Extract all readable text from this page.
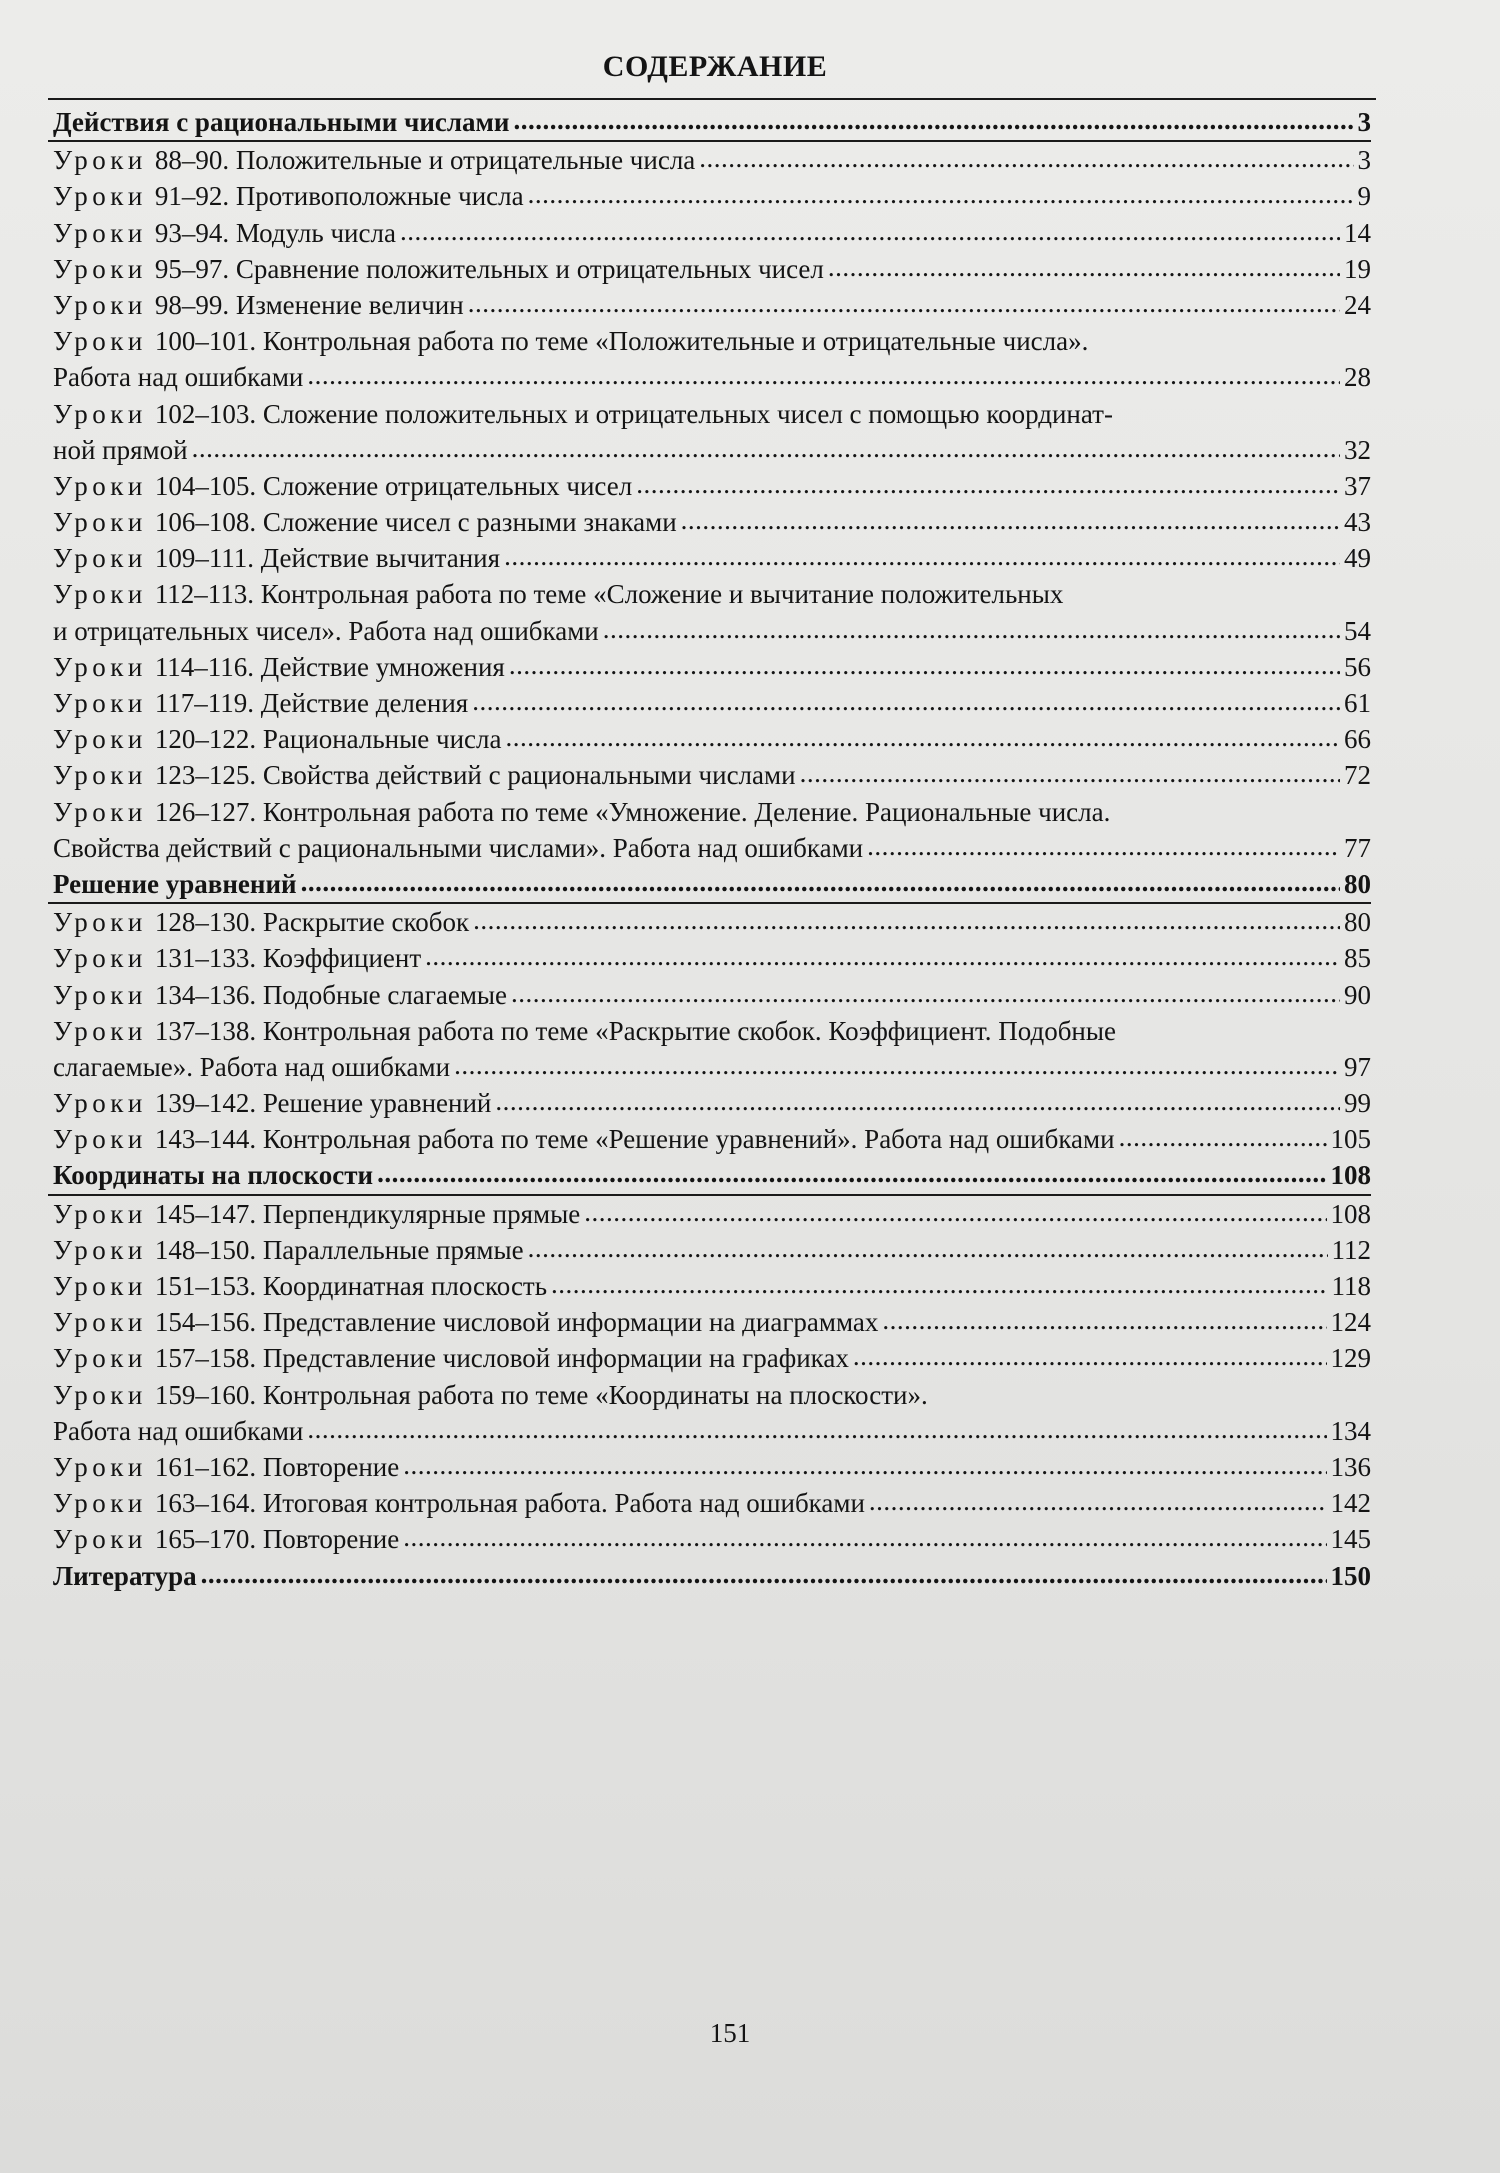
СОДЕРЖАНИЕ
Действия с рациональными числами .....	3
Уроки 88–90. Положительные и отрицательные числа .....	3
Уроки 91–92. Противоположные числа .....	9
Уроки 93–94. Модуль числа .....	14
Уроки 95–97. Сравнение положительных и отрицательных чисел .....	19
Уроки 98–99. Изменение величин .....	24
Уроки 100–101. Контрольная работа по теме «Положительные и отрицательные числа».
Работа над ошибками .....	28
Уроки 102–103. Сложение положительных и отрицательных чисел с помощью координат-
ной прямой .....	32
Уроки 104–105. Сложение отрицательных чисел .....	37
Уроки 106–108. Сложение чисел с разными знаками .....	43
Уроки 109–111. Действие вычитания .....	49
Уроки 112–113. Контрольная работа по теме «Сложение и вычитание положительных
и отрицательных чисел». Работа над ошибками .....	54
Уроки 114–116. Действие умножения .....	56
Уроки 117–119. Действие деления .....	61
Уроки 120–122. Рациональные числа .....	66
Уроки 123–125. Свойства действий с рациональными числами .....	72
Уроки 126–127. Контрольная работа по теме «Умножение. Деление. Рациональные числа.
Свойства действий с рациональными числами». Работа над ошибками .....	77
Решение уравнений .....	80
Уроки 128–130. Раскрытие скобок .....	80
Уроки 131–133. Коэффициент .....	85
Уроки 134–136. Подобные слагаемые .....	90
Уроки 137–138. Контрольная работа по теме «Раскрытие скобок. Коэффициент. Подобные
слагаемые». Работа над ошибками .....	97
Уроки 139–142. Решение уравнений .....	99
Уроки 143–144. Контрольная работа по теме «Решение уравнений». Работа над ошибками .....	105
Координаты на плоскости .....	108
Уроки 145–147. Перпендикулярные прямые .....	108
Уроки 148–150. Параллельные прямые .....	112
Уроки 151–153. Координатная плоскость .....	118
Уроки 154–156. Представление числовой информации на диаграммах .....	124
Уроки 157–158. Представление числовой информации на графиках .....	129
Уроки 159–160. Контрольная работа по теме «Координаты на плоскости».
Работа над ошибками .....	134
Уроки 161–162. Повторение .....	136
Уроки 163–164. Итоговая контрольная работа. Работа над ошибками .....	142
Уроки 165–170. Повторение .....	145
Литература .....	150
151
